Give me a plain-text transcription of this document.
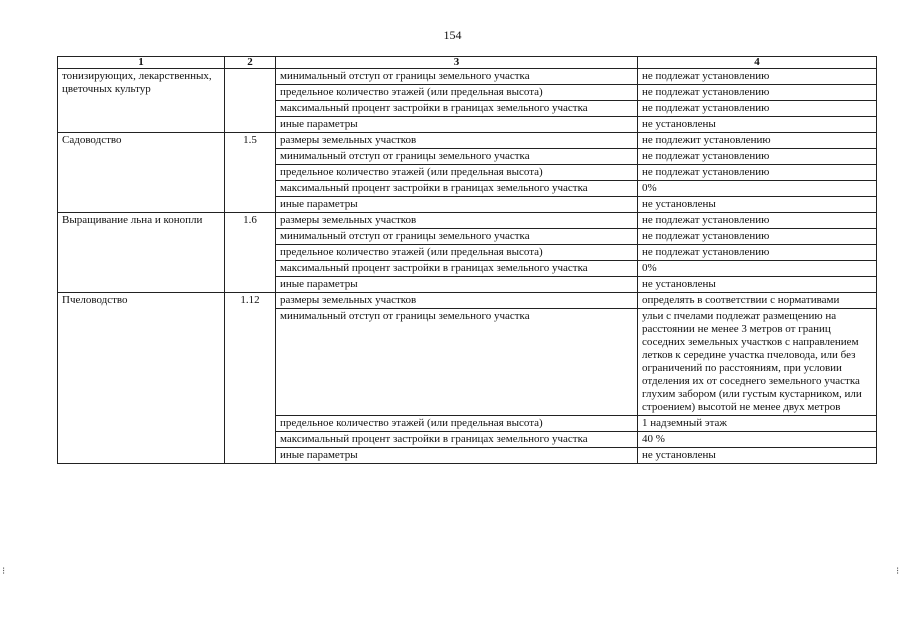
154
1	2	3	4
тонизирующих, лекарственных, цветочных культур		минимальный отступ от границы земельного участка	не подлежат установлению
		предельное количество этажей (или предельная высота)	не подлежат установлению
		максимальный процент застройки в границах земельного участка	не подлежат установлению
		иные параметры	не установлены
Садоводство	1.5	размеры земельных участков	не подлежит установлению
		минимальный отступ от границы земельного участка	не подлежат установлению
		предельное количество этажей (или предельная высота)	не подлежат установлению
		максимальный процент застройки в границах земельного участка	0%
		иные параметры	не установлены
Выращивание льна и конопли	1.6	размеры земельных участков	не подлежат установлению
		минимальный отступ от границы земельного участка	не подлежат установлению
		предельное количество этажей (или предельная высота)	не подлежат установлению
		максимальный процент застройки в границах земельного участка	0%
		иные параметры	не установлены
Пчеловодство	1.12	размеры земельных участков	определять в соответствии с нормативами
		минимальный отступ от границы земельного участка	ульи с пчелами подлежат размещению на расстоянии не менее 3 метров от границ соседних земельных участков с направлением летков к середине участка пчеловода, или без ограничений по расстояниям, при условии отделения их от соседнего земельного участка глухим забором (или густым кустарником, или строением) высотой не менее двух метров
		предельное количество этажей (или предельная высота)	1 надземный этаж
		максимальный процент застройки в границах земельного участка	40 %
		иные параметры	не установлены
⁝	⁝
